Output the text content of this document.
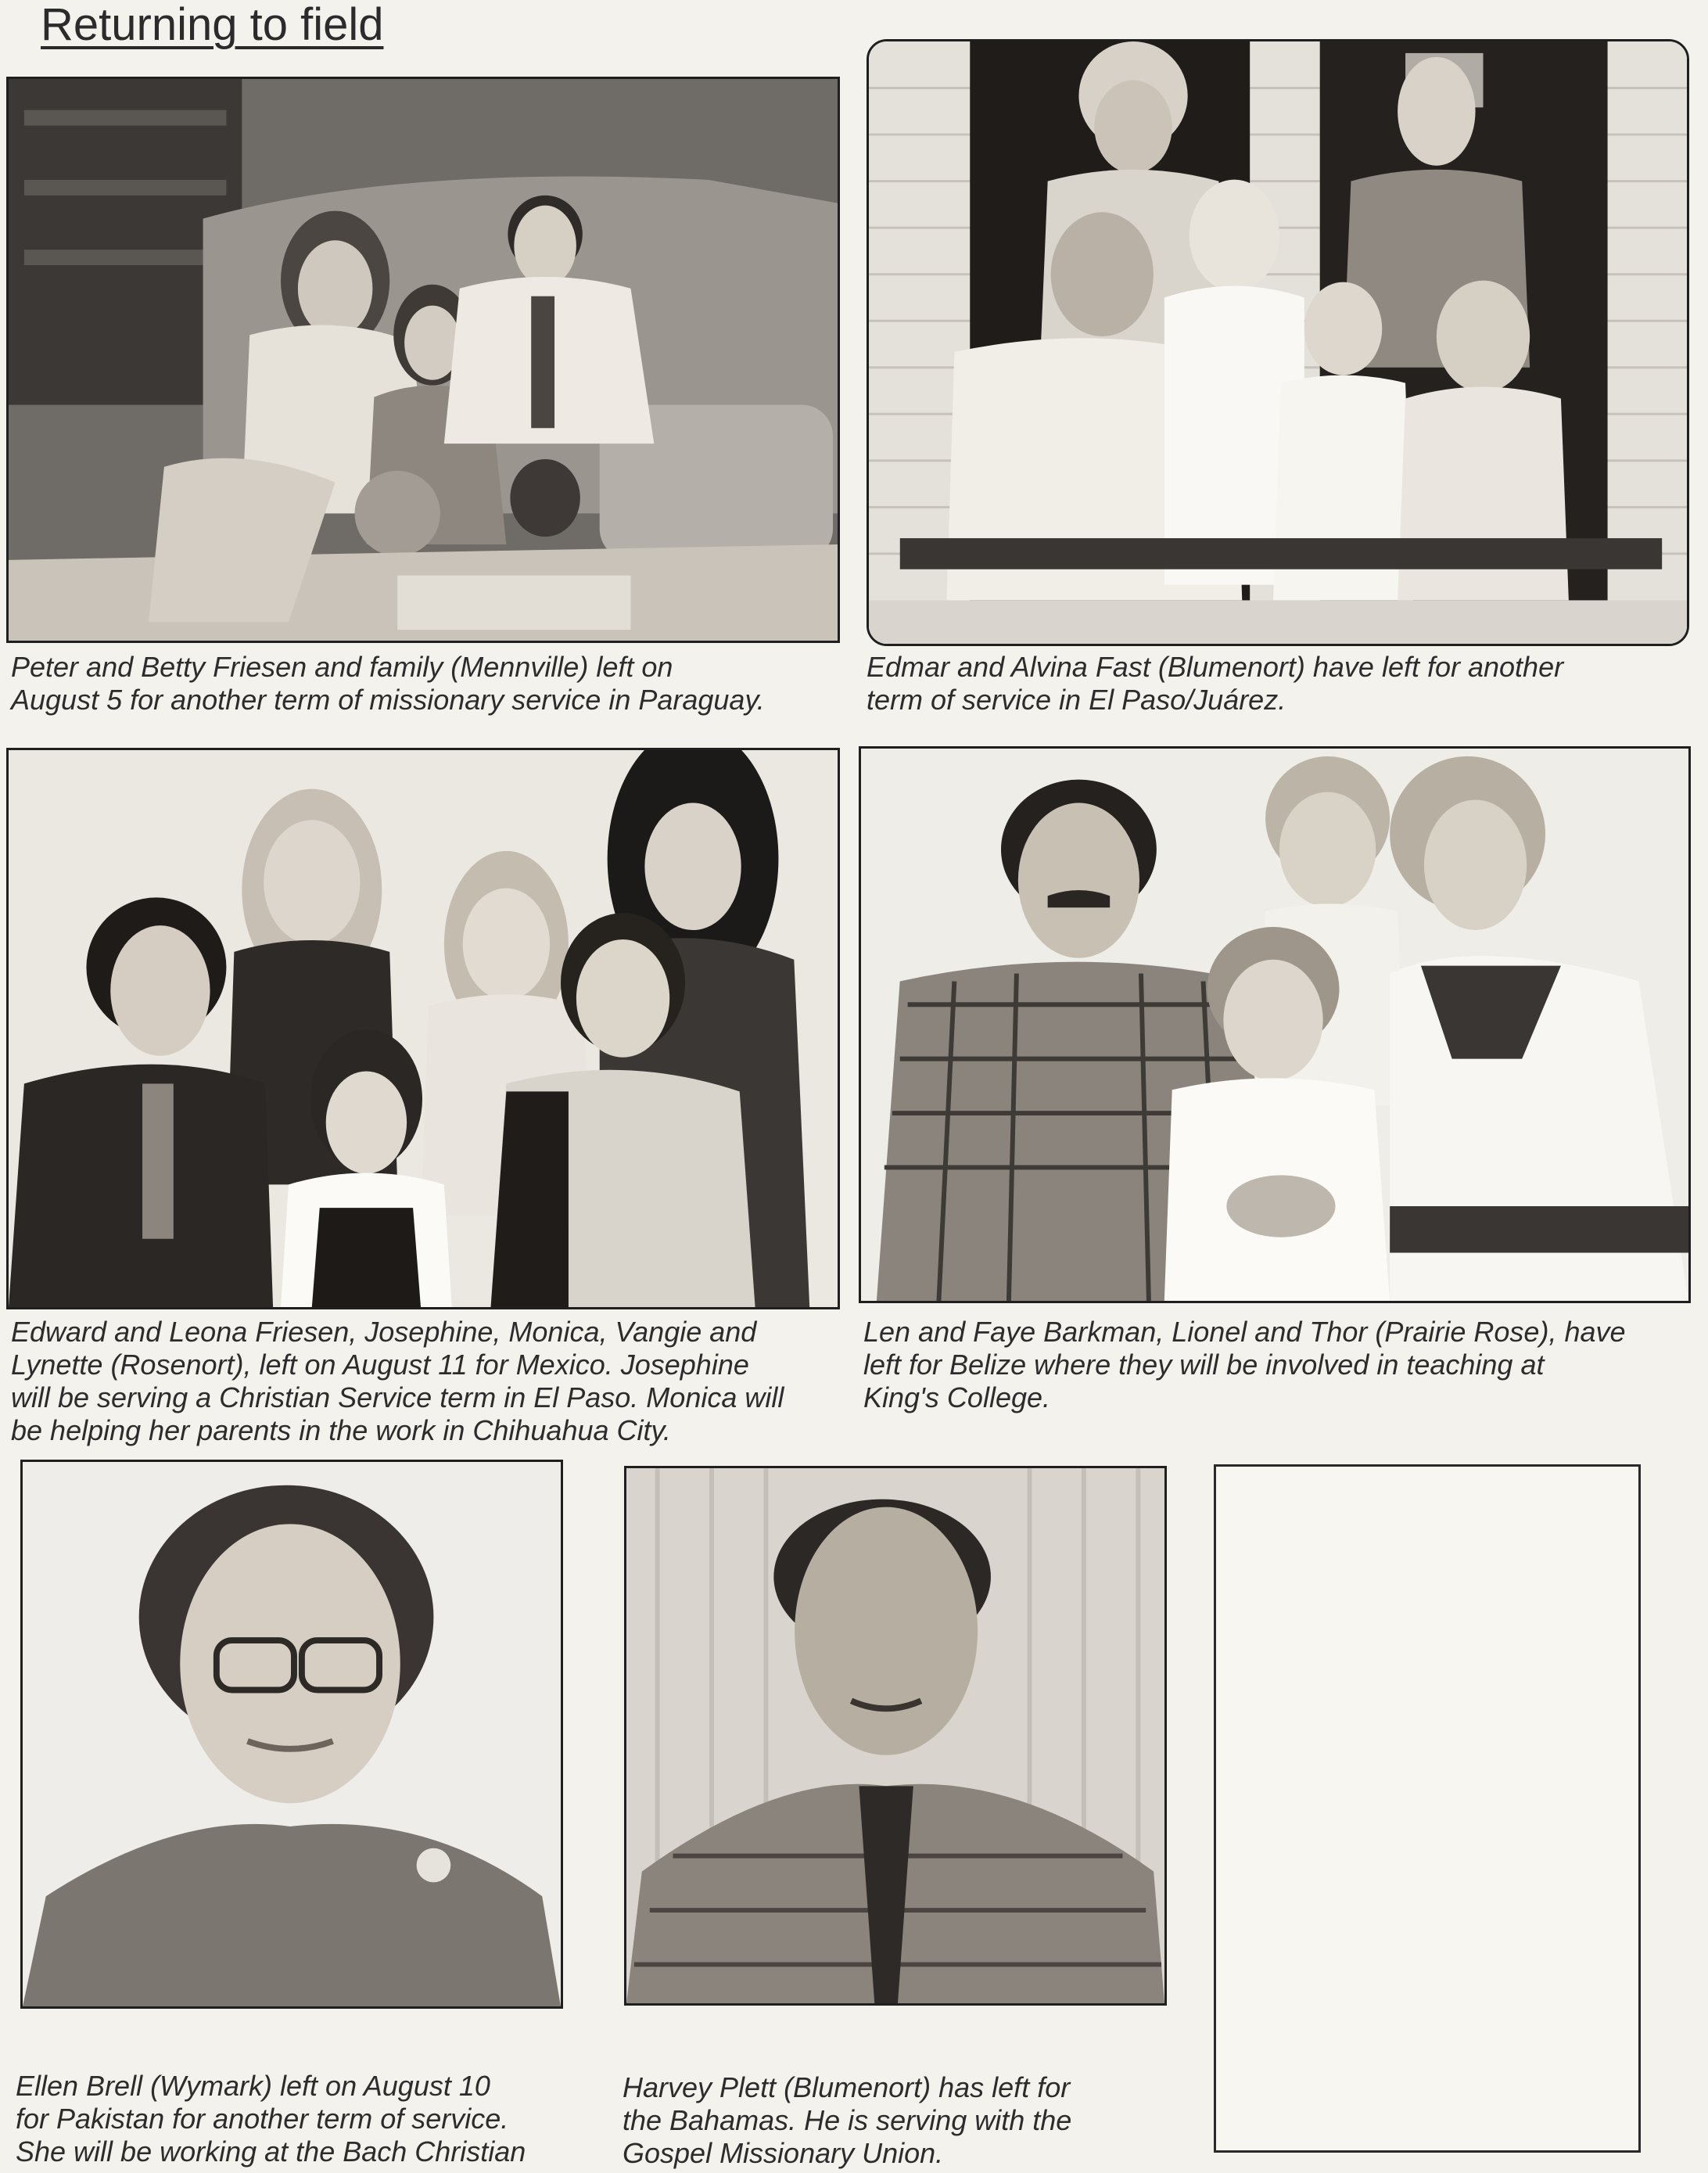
Returning to field
Peter and Betty Friesen and family (Mennville) left on
August 5 for another term of missionary service in Paraguay.
Edmar and Alvina Fast (Blumenort) have left for another
term of service in El Paso/Juárez.
Edward and Leona Friesen, Josephine, Monica, Vangie and
Lynette (Rosenort), left on August 11 for Mexico. Josephine
will be serving a Christian Service term in El Paso. Monica will
be helping her parents in the work in Chihuahua City.
Len and Faye Barkman, Lionel and Thor (Prairie Rose), have
left for Belize where they will be involved in teaching at
King's College.
Ellen Brell (Wymark) left on August 10
for Pakistan for another term of service.
She will be working at the Bach Christian
Harvey Plett (Blumenort) has left for
the Bahamas. He is serving with the
Gospel Missionary Union.
